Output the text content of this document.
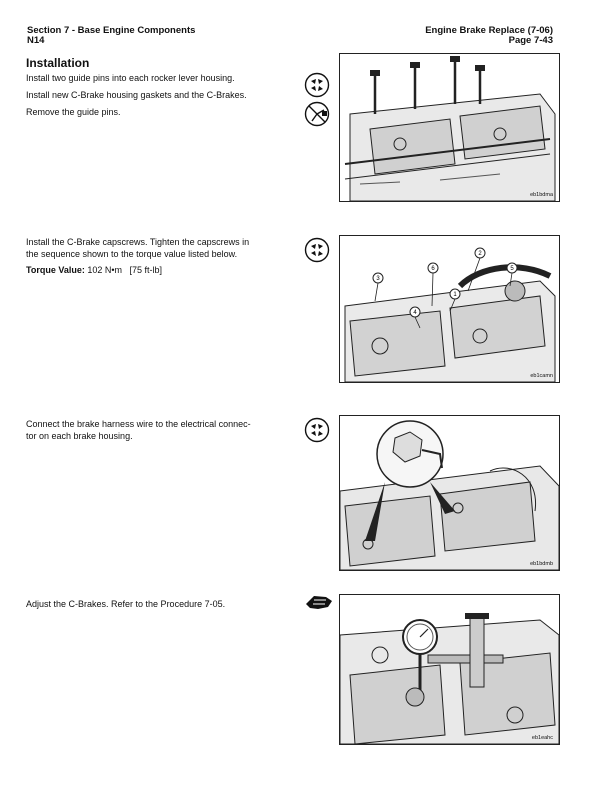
Section 7 - Base Engine Components
N14
Engine Brake Replace (7-06)
Page 7-43
Installation
Install two guide pins into each rocker lever housing.
Install new C-Brake housing gaskets and the C-Brakes.
Remove the guide pins.
eb1bdma
Install the C-Brake capscrews. Tighten the capscrews in
the sequence shown to the torque value listed below.
Torque Value: 102 N•m [75 ft-lb]
3
6
2
5
1
4
eb1camn
Connect the brake harness wire to the electrical connec-
tor on each brake housing.
eb1bdmb
Adjust the C-Brakes. Refer to the Procedure 7-05.
eb1eahc
